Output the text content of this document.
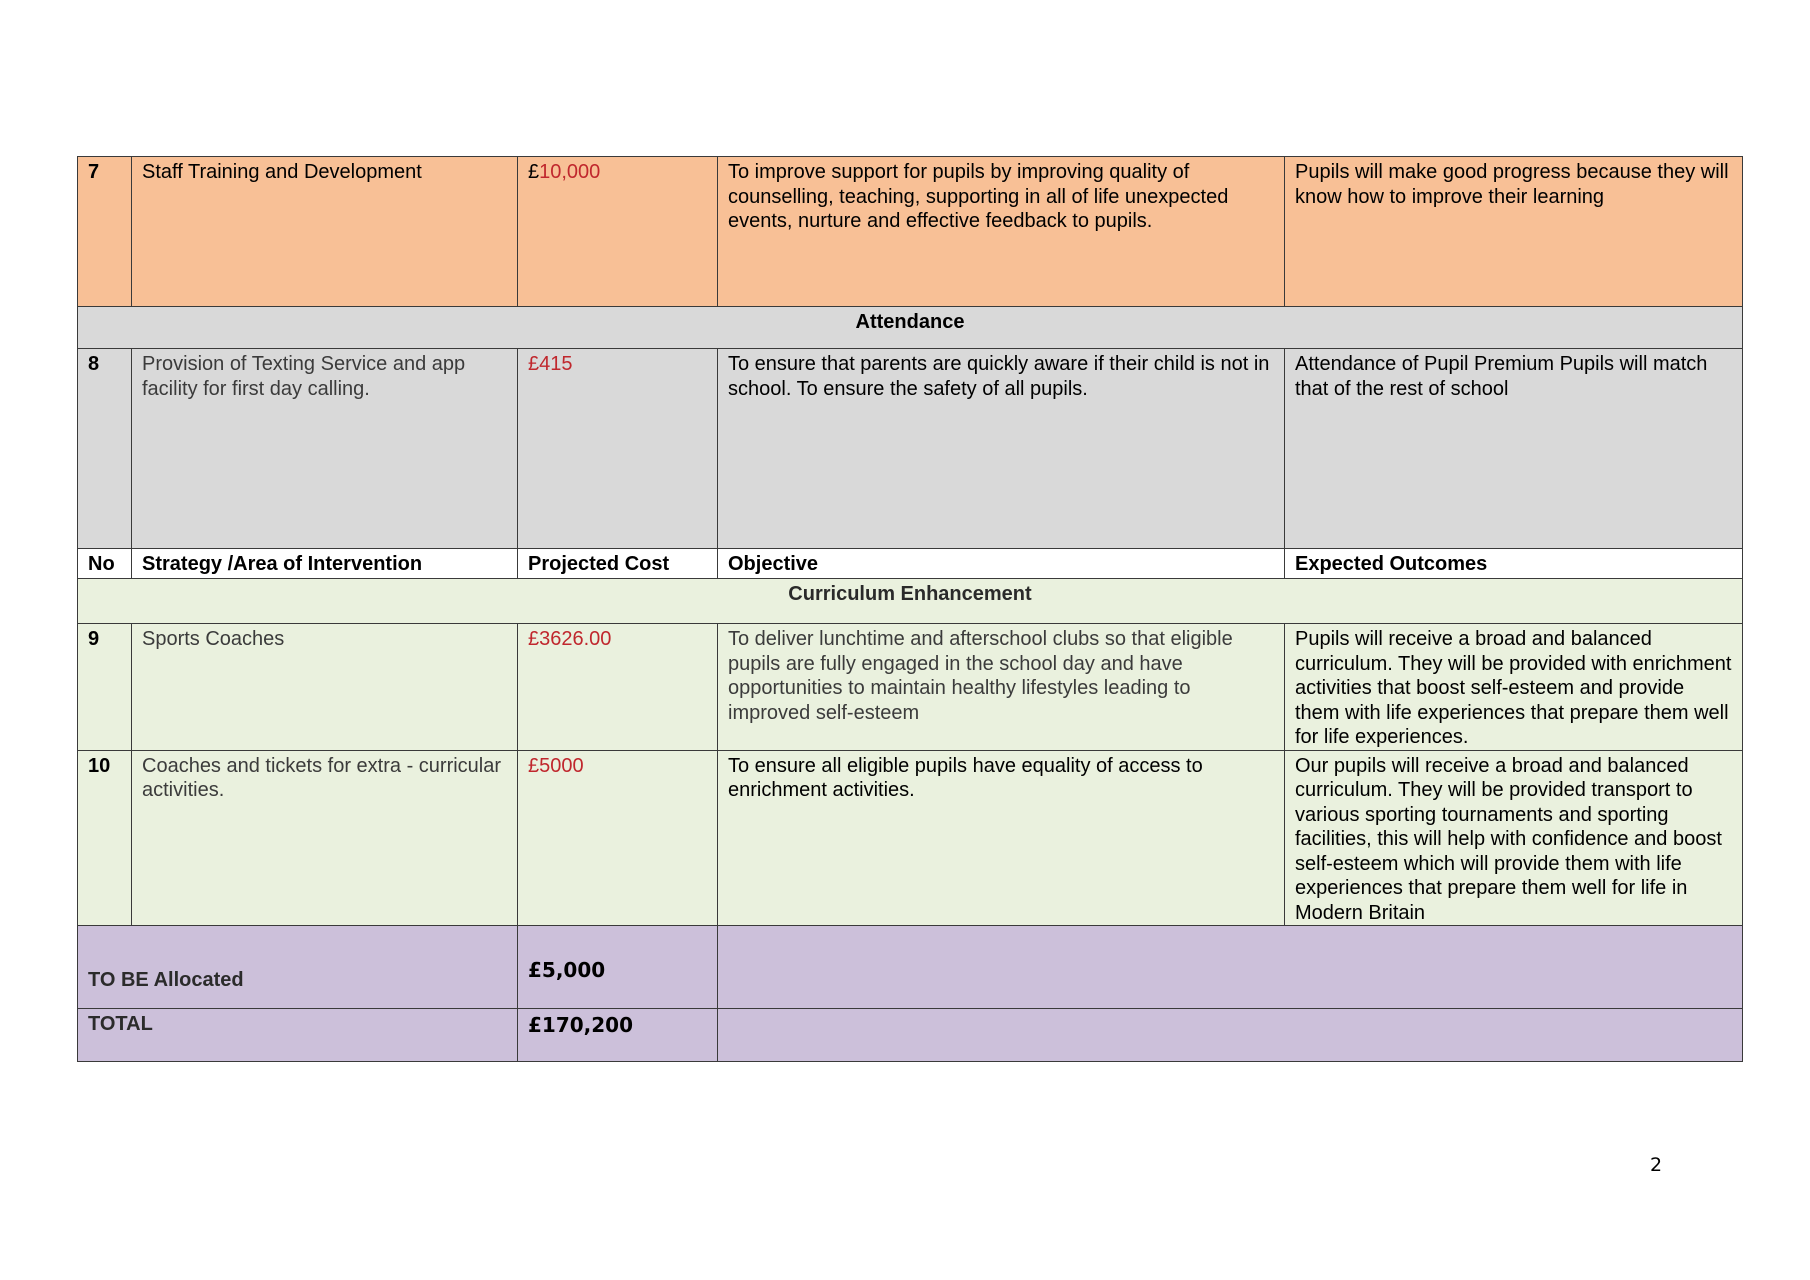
7	Staff Training and Development	£10,000	To improve support for pupils by improving quality of counselling, teaching, supporting in all of life unexpected events, nurture and effective feedback to pupils.	Pupils will make good progress because they will know how to improve their learning
Attendance				
8	Provision of Texting Service and app facility for first day calling.	£415	To ensure that parents are quickly aware if their child is not in school. To ensure the safety of all pupils.	Attendance of Pupil Premium Pupils will match that of the rest of school
No	Strategy /Area of Intervention	Projected Cost	Objective	Expected Outcomes
Curriculum Enhancement				
9	Sports Coaches	£3626.00	To deliver lunchtime and afterschool clubs so that eligible pupils are fully engaged in the school day and have opportunities to maintain healthy lifestyles leading to improved self-esteem	Pupils will receive a broad and balanced curriculum. They will be provided with enrichment activities that boost self-esteem and provide them with life experiences that prepare them well for life experiences.
10	Coaches and tickets for extra - curricular activities.	£5000	To ensure all eligible pupils have equality of access to enrichment activities.	Our pupils will receive a broad and balanced curriculum. They will be provided transport to various sporting tournaments and sporting facilities, this will help with confidence and boost self-esteem which will provide them with life experiences that prepare them well for life in Modern Britain
TO BE Allocated		£5,000		
TOTAL		£170,200		
2
